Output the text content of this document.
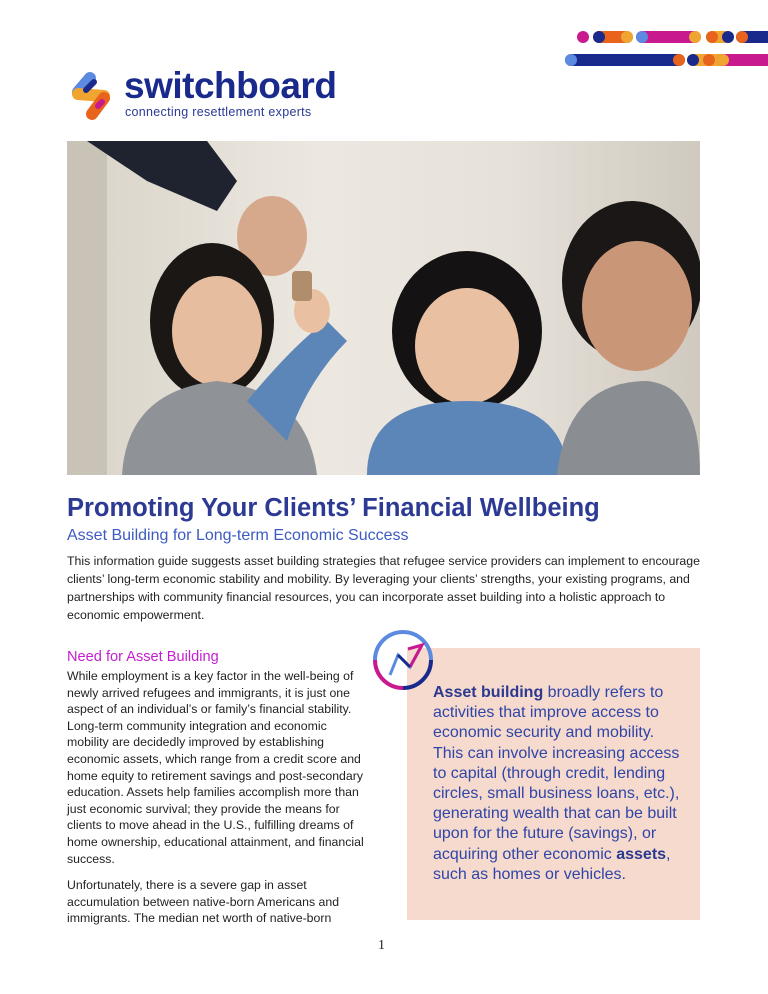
switchboard
connecting resettlement experts
Promoting Your Clients’ Financial Wellbeing
Asset Building for Long-term Economic Success
This information guide suggests asset building strategies that refugee service providers can implement to encourage clients’ long-term economic stability and mobility. By leveraging your clients’ strengths, your existing programs, and partnerships with community financial resources, you can incorporate asset building into a holistic approach to economic empowerment.
Need for Asset Building
While employment is a key factor in the well-being of newly arrived refugees and immigrants, it is just one aspect of an individual’s or family’s financial stability. Long-term community integration and economic mobility are decidedly improved by establishing economic assets, which range from a credit score and home equity to retirement savings and post-secondary education. Assets help families accomplish more than just economic survival; they provide the means for clients to move ahead in the U.S., fulfilling dreams of home ownership, educational attainment, and financial success.
Unfortunately, there is a severe gap in asset accumulation between native-born Americans and immigrants. The median net worth of native-born
Asset building broadly refers to activities that improve access to economic security and mobility. This can involve increasing access to capital (through credit, lending circles, small business loans, etc.), generating wealth that can be built upon for the future (savings), or acquiring other economic assets, such as homes or vehicles.
1
